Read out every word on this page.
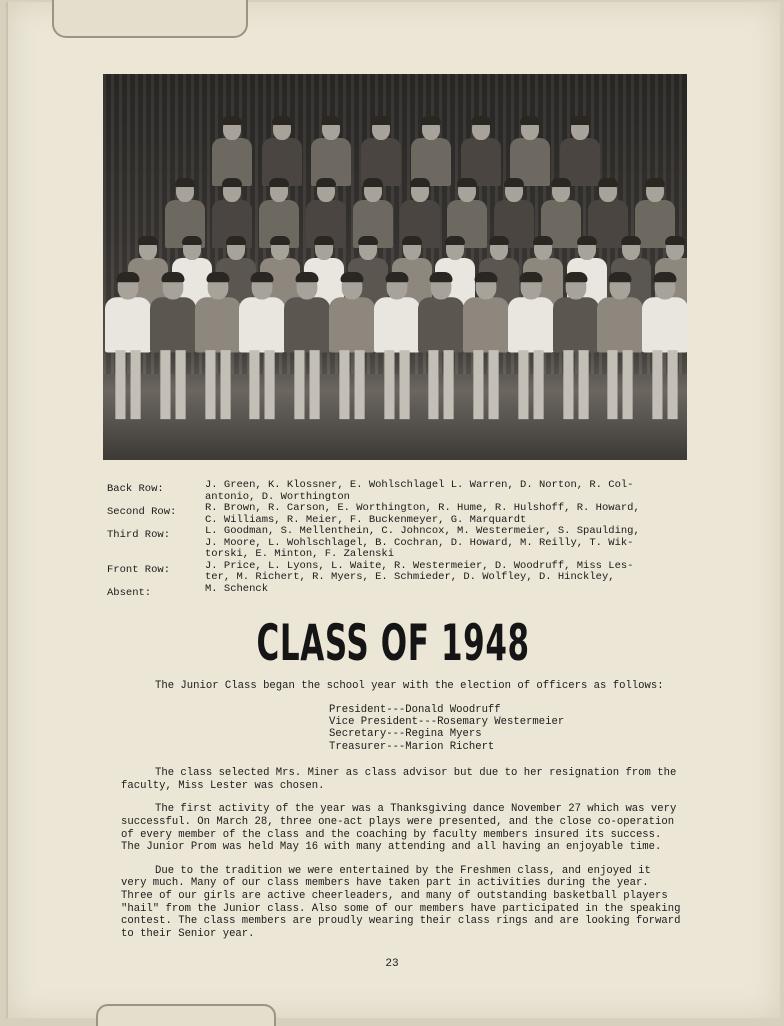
Back Row:	J. Green, K. Klossner, E. Wohlschlagel L. Warren, D. Norton, R. Col-
antonio, D. Worthington
Second Row:	R. Brown, R. Carson, E. Worthington, R. Hume, R. Hulshoff, R. Howard,
C. Williams, R. Meier, F. Buckenmeyer, G. Marquardt
Third Row:	L. Goodman, S. Mellenthein, C. Johncox, M. Westermeier, S. Spaulding,
J. Moore, L. Wohlschlagel, B. Cochran, D. Howard, M. Reilly, T. Wik-
torski, E. Minton, F. Zalenski
Front Row:	J. Price, L. Lyons, L. Waite, R. Westermeier, D. Woodruff, Miss Les-
ter, M. Richert, R. Myers, E. Schmieder, D. Wolfley, D. Hinckley,
Absent:	M. Schenck
CLASS OF 1948

The Junior Class began the school year with the election of officers as follows:

President---Donald Woodruff
Vice President---Rosemary Westermeier
Secretary---Regina Myers
Treasurer---Marion Richert

The class selected Mrs. Miner as class advisor but due to her resignation from the faculty, Miss Lester was chosen.

The first activity of the year was a Thanksgiving dance November 27 which was very successful. On March 28, three one-act plays were presented, and the close co-operation of every member of the class and the coaching by faculty members insured its success. The Junior Prom was held May 16 with many attending and all having an enjoyable time.

Due to the tradition we were entertained by the Freshmen class, and enjoyed it very much. Many of our class members have taken part in activities during the year. Three of our girls are active cheerleaders, and many of outstanding basketball players "hail" from the Junior class. Also some of our members have participated in the speaking contest. The class members are proudly wearing their class rings and are looking forward to their Senior year.

23
